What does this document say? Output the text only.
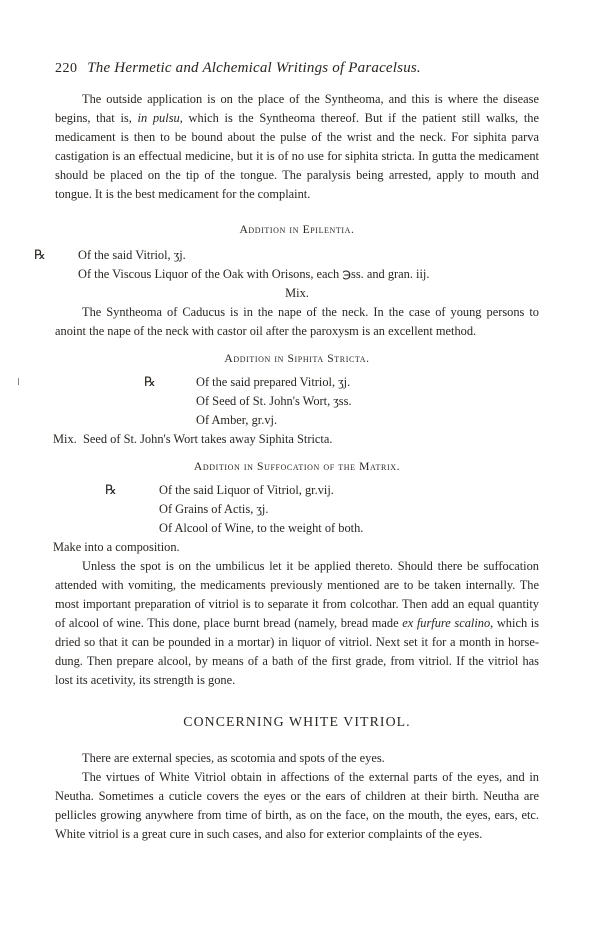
220 The Hermetic and Alchemical Writings of Paracelsus.

The outside application is on the place of the Syntheoma, and this is where the disease begins, that is, in pulsu, which is the Syntheoma thereof. But if the patient still walks, the medicament is then to be bound about the pulse of the wrist and the neck. For siphita parva castigation is an effectual medicine, but it is of no use for siphita stricta. In gutta the medicament should be placed on the tip of the tongue. The paralysis being arrested, apply to mouth and tongue. It is the best medicament for the complaint.

Addition in Epilentia.
℞	Of the said Vitriol, ʒj.
Of the Viscous Liquor of the Oak with Orisons, each ℈ss. and gran. iij.
Mix.

The Syntheoma of Caducus is in the nape of the neck. In the case of young persons to anoint the nape of the neck with castor oil after the paroxysm is an excellent method.

Addition in Siphita Stricta.
℞	Of the said prepared Vitriol, ʒj.
Of Seed of St. John's Wort, ʒss.
Of Amber, gr.vj.
Mix. Seed of St. John's Wort takes away Siphita Stricta.
Addition in Suffocation of the Matrix.
℞	Of the said Liquor of Vitriol, gr.vij.
Of Grains of Actis, ʒj.
Of Alcool of Wine, to the weight of both.
Make into a composition.

Unless the spot is on the umbilicus let it be applied thereto. Should there be suffocation attended with vomiting, the medicaments previously mentioned are to be taken internally. The most important preparation of vitriol is to separate it from colcothar. Then add an equal quantity of alcool of wine. This done, place burnt bread (namely, bread made ex furfure scalino, which is dried so that it can be pounded in a mortar) in liquor of vitriol. Next set it for a month in horse-dung. Then prepare alcool, by means of a bath of the first grade, from vitriol. If the vitriol has lost its acetivity, its strength is gone.

CONCERNING WHITE VITRIOL.

There are external species, as scotomia and spots of the eyes.

The virtues of White Vitriol obtain in affections of the external parts of the eyes, and in Neutha. Sometimes a cuticle covers the eyes or the ears of children at their birth. Neutha are pellicles growing anywhere from time of birth, as on the face, on the mouth, the eyes, ears, etc. White vitriol is a great cure in such cases, and also for exterior complaints of the eyes.
